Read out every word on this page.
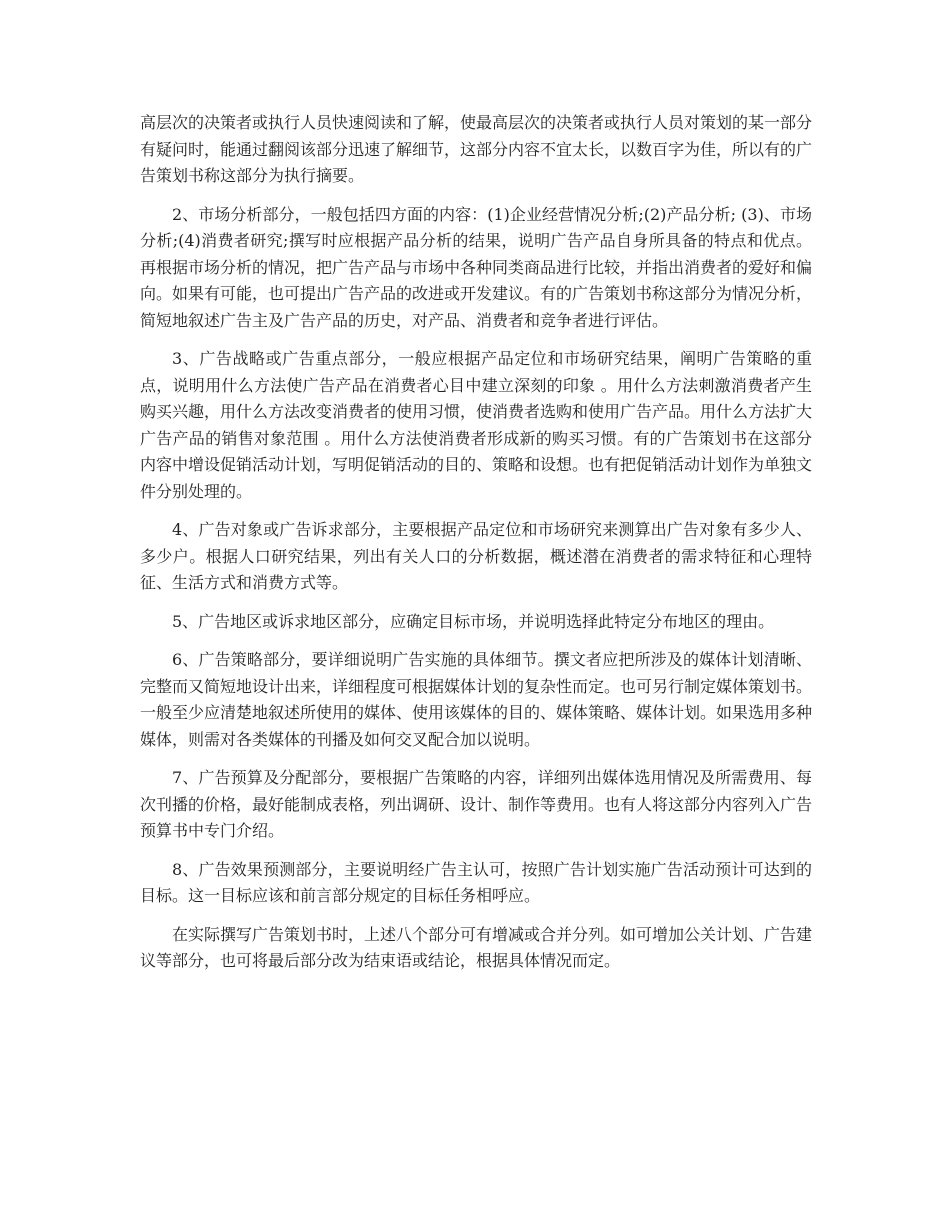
高层次的决策者或执行人员快速阅读和了解，使最高层次的决策者或执行人员对策划的某一部分有疑问时，能通过翻阅该部分迅速了解细节，这部分内容不宜太长，以数百字为佳，所以有的广告策划书称这部分为执行摘要。

2、市场分析部分，一般包括四方面的内容：(1)企业经营情况分析;(2)产品分析; (3)、市场分析;(4)消费者研究;撰写时应根据产品分析的结果，说明广告产品自身所具备的特点和优点。再根据市场分析的情况，把广告产品与市场中各种同类商品进行比较，并指出消费者的爱好和偏向。如果有可能，也可提出广告产品的改进或开发建议。有的广告策划书称这部分为情况分析，简短地叙述广告主及广告产品的历史，对产品、消费者和竞争者进行评估。

3、广告战略或广告重点部分，一般应根据产品定位和市场研究结果，阐明广告策略的重点，说明用什么方法使广告产品在消费者心目中建立深刻的印象 。用什么方法刺激消费者产生购买兴趣，用什么方法改变消费者的使用习惯，使消费者选购和使用广告产品。用什么方法扩大广告产品的销售对象范围 。用什么方法使消费者形成新的购买习惯。有的广告策划书在这部分内容中增设促销活动计划，写明促销活动的目的、策略和设想。也有把促销活动计划作为单独文件分别处理的。

4、广告对象或广告诉求部分，主要根据产品定位和市场研究来测算出广告对象有多少人、多少户。根据人口研究结果，列出有关人口的分析数据，概述潜在消费者的需求特征和心理特征、生活方式和消费方式等。

5、广告地区或诉求地区部分，应确定目标市场，并说明选择此特定分布地区的理由。

6、广告策略部分，要详细说明广告实施的具体细节。撰文者应把所涉及的媒体计划清晰、完整而又简短地设计出来，详细程度可根据媒体计划的复杂性而定。也可另行制定媒体策划书。一般至少应清楚地叙述所使用的媒体、使用该媒体的目的、媒体策略、媒体计划。如果选用多种媒体，则需对各类媒体的刊播及如何交叉配合加以说明。

7、广告预算及分配部分，要根据广告策略的内容，详细列出媒体选用情况及所需费用、每次刊播的价格，最好能制成表格，列出调研、设计、制作等费用。也有人将这部分内容列入广告预算书中专门介绍。

8、广告效果预测部分，主要说明经广告主认可，按照广告计划实施广告活动预计可达到的目标。这一目标应该和前言部分规定的目标任务相呼应。

在实际撰写广告策划书时，上述八个部分可有增减或合并分列。如可增加公关计划、广告建议等部分，也可将最后部分改为结束语或结论，根据具体情况而定。
